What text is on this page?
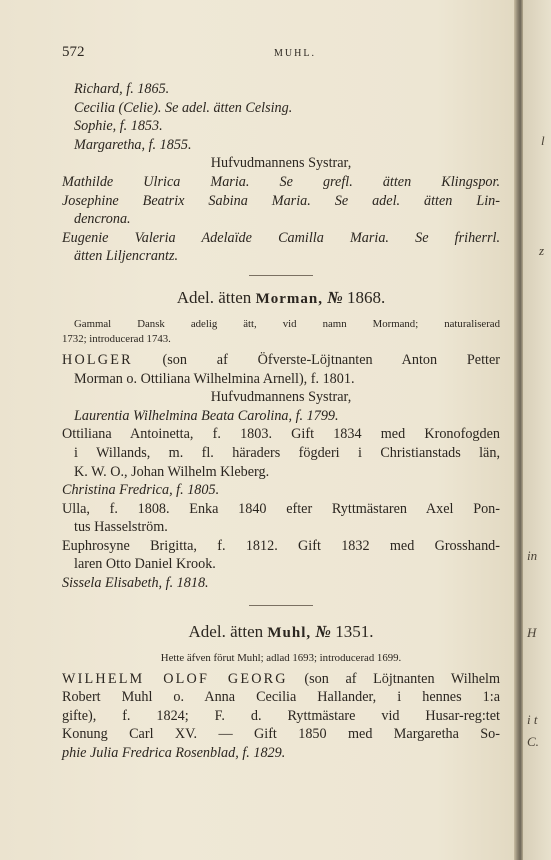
572	MUHL.
Richard, f. 1865.
Cecilia (Celie). Se adel. ätten Celsing.
Sophie, f. 1853.
Margaretha, f. 1855.
Hufvudmannens Systrar,
Mathilde Ulrica Maria. Se grefl. ätten Klingspor.
Josephine Beatrix Sabina Maria. Se adel. ätten Lin-
dencrona.
Eugenie Valeria Adelaïde Camilla Maria. Se friherrl.
ätten Liljencrantz.
Adel. ätten Morman, № 1868.
Gammal Dansk adelig ätt, vid namn Mormand; naturaliserad
1732; introducerad 1743.
HOLGER (son af Öfverste-Löjtnanten Anton Petter
Morman o. Ottiliana Wilhelmina Arnell), f. 1801.
Hufvudmannens Systrar,
Laurentia Wilhelmina Beata Carolina, f. 1799.
Ottiliana Antoinetta, f. 1803. Gift 1834 med Kronofogden
i Willands, m. fl. häraders fögderi i Christianstads län,
K. W. O., Johan Wilhelm Kleberg.
Christina Fredrica, f. 1805.
Ulla, f. 1808. Enka 1840 efter Ryttmästaren Axel Pon-
tus Hasselström.
Euphrosyne Brigitta, f. 1812. Gift 1832 med Grosshand-
laren Otto Daniel Krook.
Sissela Elisabeth, f. 1818.
Adel. ätten Muhl, № 1351.
Hette äfven förut Muhl; adlad 1693; introducerad 1699.
WILHELM OLOF GEORG (son af Löjtnanten Wilhelm
Robert Muhl o. Anna Cecilia Hallander, i hennes 1:a
gifte), f. 1824; F. d. Ryttmästare vid Husar-reg:tet
Konung Carl XV. — Gift 1850 med Margaretha So-
phie Julia Fredrica Rosenblad, f. 1829.
l
z
in
H
i t
C.
